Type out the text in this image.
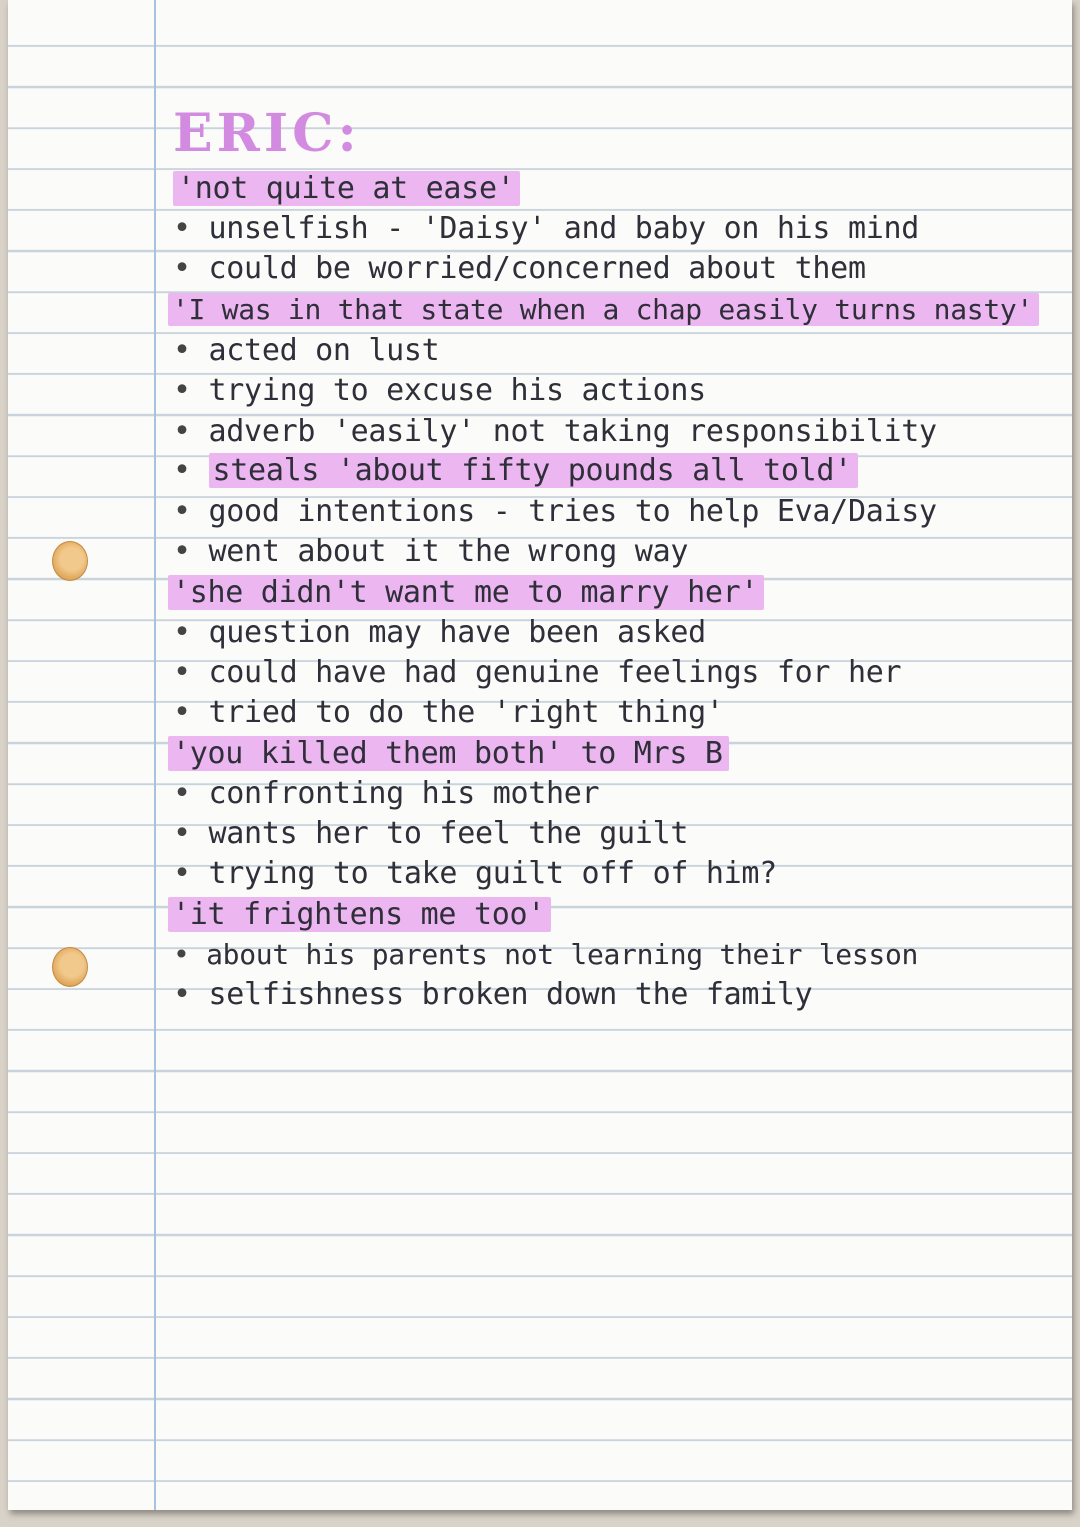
ERIC:
'not quite at ease'
• unselfish - 'Daisy' and baby on his mind
• could be worried/concerned about them
'I was in that state when a chap easily turns nasty'
• acted on lust
• trying to excuse his actions
• adverb 'easily' not taking responsibility
• steals 'about fifty pounds all told'
• good intentions - tries to help Eva/Daisy
• went about it the wrong way
'she didn't want me to marry her'
• question may have been asked
• could have had genuine feelings for her
• tried to do the 'right thing'
'you killed them both' to Mrs B
• confronting his mother
• wants her to feel the guilt
• trying to take guilt off of him?
'it frightens me too'
• about his parents not learning their lesson
• selfishness broken down the family
